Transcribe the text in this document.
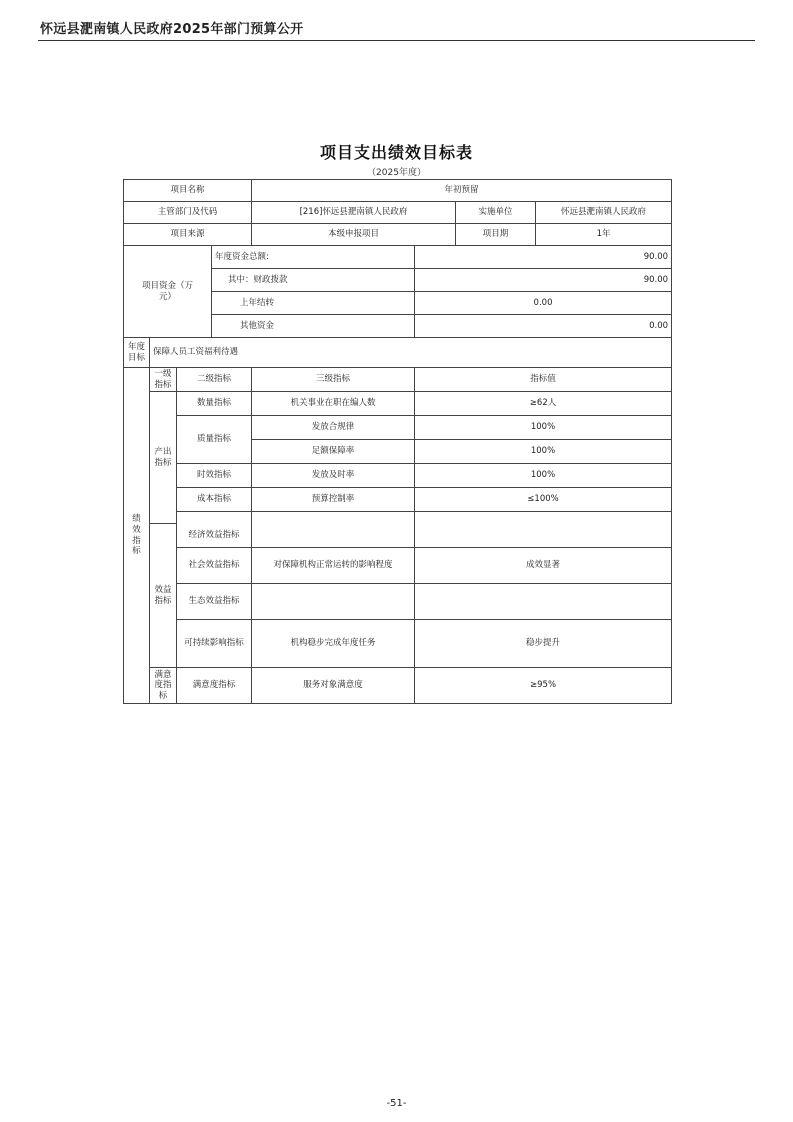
怀远县淝南镇人民政府2025年部门预算公开
项目支出绩效目标表
（2025年度）
项目名称				年初预留	
主管部门及代码				[216]怀远县淝南镇人民政府 实施单位 怀远县淝南镇人民政府	

项目来源				本级申报项目 项目期 1年	

项目资金（万元）			年度资金总额:		90.00
			其中：财政拨款		90.00
			上年结转		0.00
			其他资金		0.00
年度目标	保障人员工资福利待遇				
绩效指标	一级指标	二级指标		三级指标	指标值
	产出指标	数量指标		机关事业在职在编人数	≥62人
		质量指标		发放合规律	100%
				足额保障率	100%
		时效指标		发放及时率	100%
		成本指标		预算控制率	≤100%

	效益指标	经济效益指标			
		社会效益指标		对保障机构正常运转的影响程度	成效显著
		生态效益指标			
		可持续影响指标		机构稳步完成年度任务	稳步提升
	满意度指标	满意度指标		服务对象满意度	≥95%
-51-
